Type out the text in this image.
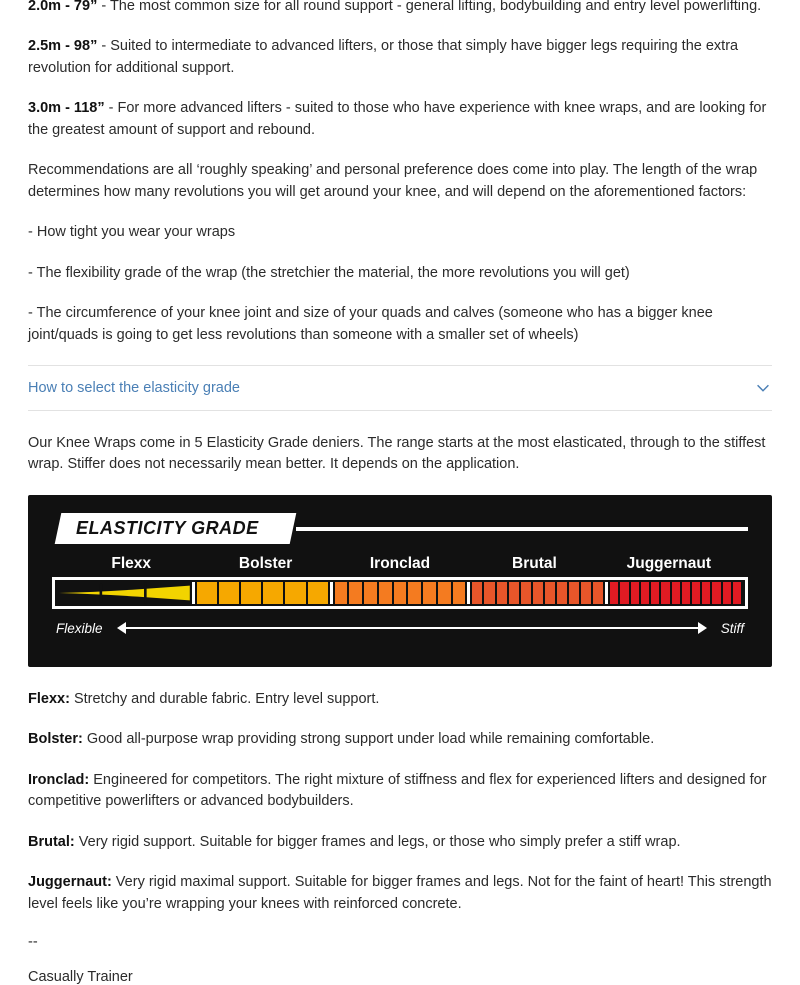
2.0m - 79” - The most common size for all round support - general lifting, bodybuilding and entry level powerlifting.

2.5m - 98” - Suited to intermediate to advanced lifters, or those that simply have bigger legs requiring the extra revolution for additional support.

3.0m - 118” - For more advanced lifters - suited to those who have experience with knee wraps, and are looking for the greatest amount of support and rebound.

Recommendations are all ‘roughly speaking’ and personal preference does come into play. The length of the wrap determines how many revolutions you will get around your knee, and will depend on the aforementioned factors:

- How tight you wear your wraps

- The flexibility grade of the wrap (the stretchier the material, the more revolutions you will get)

- The circumference of your knee joint and size of your quads and calves (someone who has a bigger knee joint/quads is going to get less revolutions than someone with a smaller set of wheels)

How to select the elasticity grade

Our Knee Wraps come in 5 Elasticity Grade deniers. The range starts at the most elasticated, through to the stiffest wrap. Stiffer does not necessarily mean better. It depends on the application.

ELASTICITY GRADE
Flexx	Bolster	Ironclad	Brutal	Juggernaut
Flexible	Stiff

Flexx: Stretchy and durable fabric. Entry level support.

Bolster: Good all-purpose wrap providing strong support under load while remaining comfortable.

Ironclad: Engineered for competitors. The right mixture of stiffness and flex for experienced lifters and designed for competitive powerlifters or advanced bodybuilders.

Brutal: Very rigid support. Suitable for bigger frames and legs, or those who simply prefer a stiff wrap.

Juggernaut: Very rigid maximal support. Suitable for bigger frames and legs. Not for the faint of heart! This strength level feels like you’re wrapping your knees with reinforced concrete.

--

Casually Trainer
